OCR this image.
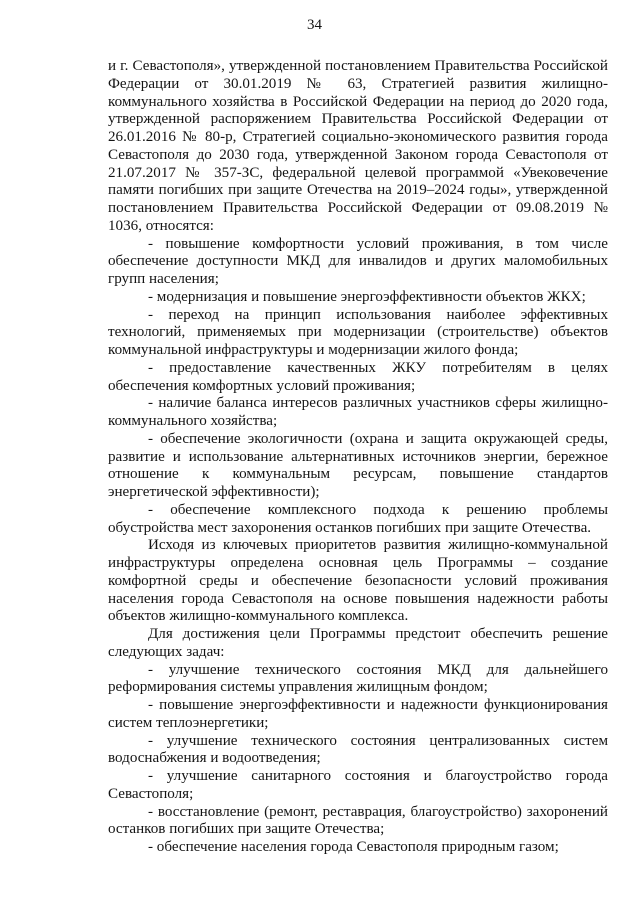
34

и г. Севастополя», утвержденной постановлением Правительства Российской Федерации от 30.01.2019 № 63, Стратегией развития жилищно-коммунального хозяйства в Российской Федерации на период до 2020 года, утвержденной распоряжением Правительства Российской Федерации от 26.01.2016 № 80-р, Стратегией социально-экономического развития города Севастополя до 2030 года, утвержденной Законом города Севастополя от 21.07.2017 № 357-ЗС, федеральной целевой программой «Увековечение памяти погибших при защите Отечества на 2019–2024 годы», утвержденной постановлением Правительства Российской Федерации от 09.08.2019 № 1036, относятся:

- повышение комфортности условий проживания, в том числе обеспечение доступности МКД для инвалидов и других маломобильных групп населения;

- модернизация и повышение энергоэффективности объектов ЖКХ;

- переход на принцип использования наиболее эффективных технологий, применяемых при модернизации (строительстве) объектов коммунальной инфраструктуры и модернизации жилого фонда;

- предоставление качественных ЖКУ потребителям в целях обеспечения комфортных условий проживания;

- наличие баланса интересов различных участников сферы жилищно-коммунального хозяйства;

- обеспечение экологичности (охрана и защита окружающей среды, развитие и использование альтернативных источников энергии, бережное отношение к коммунальным ресурсам, повышение стандартов энергетической эффективности);

- обеспечение комплексного подхода к решению проблемы обустройства мест захоронения останков погибших при защите Отечества.

Исходя из ключевых приоритетов развития жилищно-коммунальной инфраструктуры определена основная цель Программы – создание комфортной среды и обеспечение безопасности условий проживания населения города Севастополя на основе повышения надежности работы объектов жилищно-коммунального комплекса.

Для достижения цели Программы предстоит обеспечить решение следующих задач:

- улучшение технического состояния МКД для дальнейшего реформирования системы управления жилищным фондом;

- повышение энергоэффективности и надежности функционирования систем теплоэнергетики;

- улучшение технического состояния централизованных систем водоснабжения и водоотведения;

- улучшение санитарного состояния и благоустройство города Севастополя;

- восстановление (ремонт, реставрация, благоустройство) захоронений останков погибших при защите Отечества;

- обеспечение населения города Севастополя природным газом;
